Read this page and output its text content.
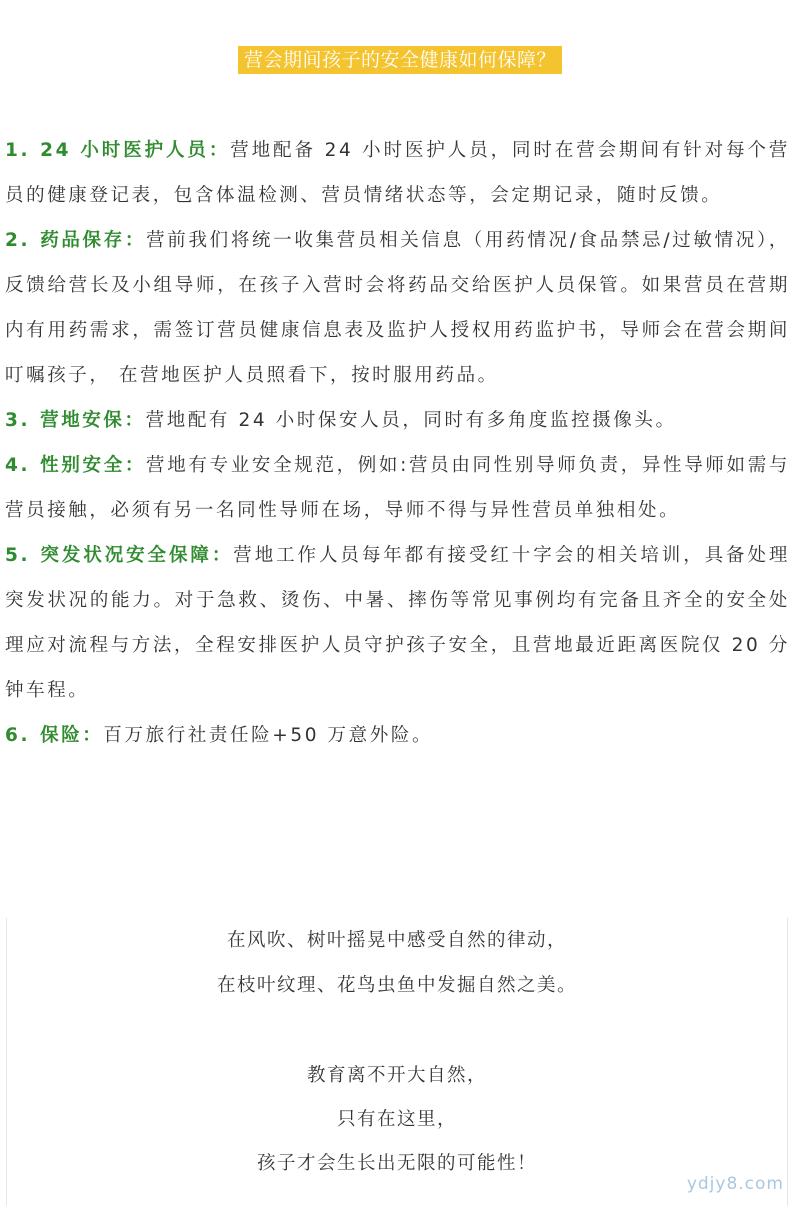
营会期间孩子的安全健康如何保障？

1. 24 小时医护人员：营地配备 24 小时医护人员，同时在营会期间有针对每个营员的健康登记表，包含体温检测、营员情绪状态等，会定期记录，随时反馈。

2. 药品保存：营前我们将统一收集营员相关信息（用药情况/食品禁忌/过敏情况），反馈给营长及小组导师，在孩子入营时会将药品交给医护人员保管。如果营员在营期内有用药需求，需签订营员健康信息表及监护人授权用药监护书，导师会在营会期间叮嘱孩子， 在营地医护人员照看下，按时服用药品。

3. 营地安保：营地配有 24 小时保安人员，同时有多角度监控摄像头。

4. 性别安全：营地有专业安全规范，例如:营员由同性别导师负责，异性导师如需与营员接触，必须有另一名同性导师在场，导师不得与异性营员单独相处。

5. 突发状况安全保障：营地工作人员每年都有接受红十字会的相关培训，具备处理突发状况的能力。对于急救、烫伤、中暑、摔伤等常见事例均有完备且齐全的安全处理应对流程与方法，全程安排医护人员守护孩子安全，且营地最近距离医院仅 20 分钟车程。

6. 保险：百万旅行社责任险+50 万意外险。

在风吹、树叶摇晃中感受自然的律动，
在枝叶纹理、花鸟虫鱼中发掘自然之美。
教育离不开大自然，
只有在这里，
孩子才会生长出无限的可能性！
ydjy8.com
